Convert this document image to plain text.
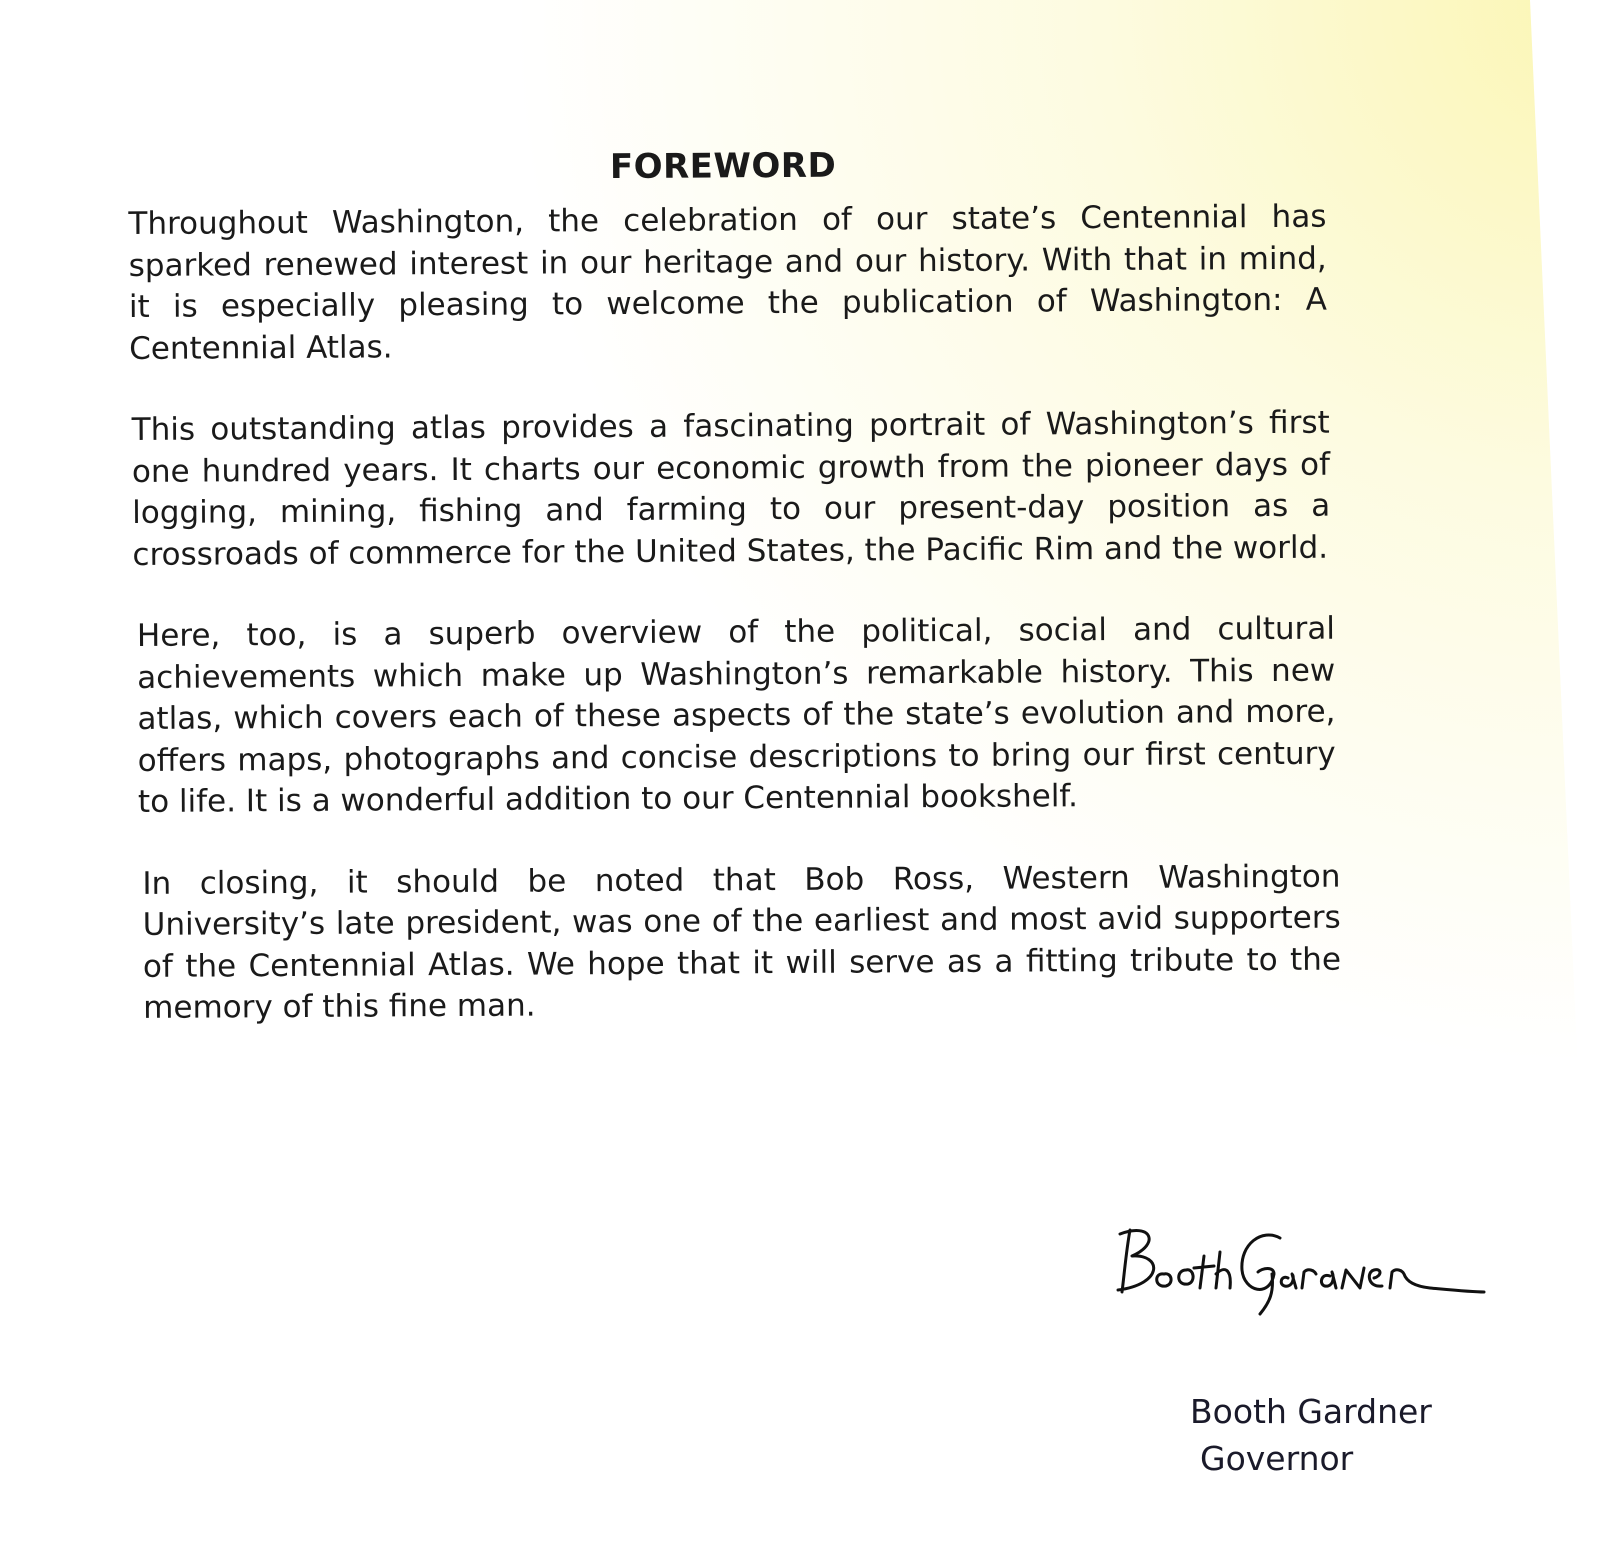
FOREWORD

Throughout Washington, the celebration of our state’s Centennial has sparked renewed interest in our heritage and our history. With that in mind, it is especially pleasing to welcome the publication of Washington: A Centennial Atlas.

This outstanding atlas provides a fascinating portrait of Washington’s first one hundred years. It charts our economic growth from the pioneer days of logging, mining, fishing and farming to our present-day position as a crossroads of commerce for the United States, the Pacific Rim and the world.

Here, too, is a superb overview of the political, social and cultural achievements which make up Washington’s remarkable history. This new atlas, which covers each of these aspects of the state’s evolution and more, offers maps, photographs and concise descriptions to bring our first century to life. It is a wonderful addition to our Centennial bookshelf.

In closing, it should be noted that Bob Ross, Western Washington University’s late president, was one of the earliest and most avid supporters of the Centennial Atlas. We hope that it will serve as a fitting tribute to the memory of this fine man.

Booth Gardner
Governor
